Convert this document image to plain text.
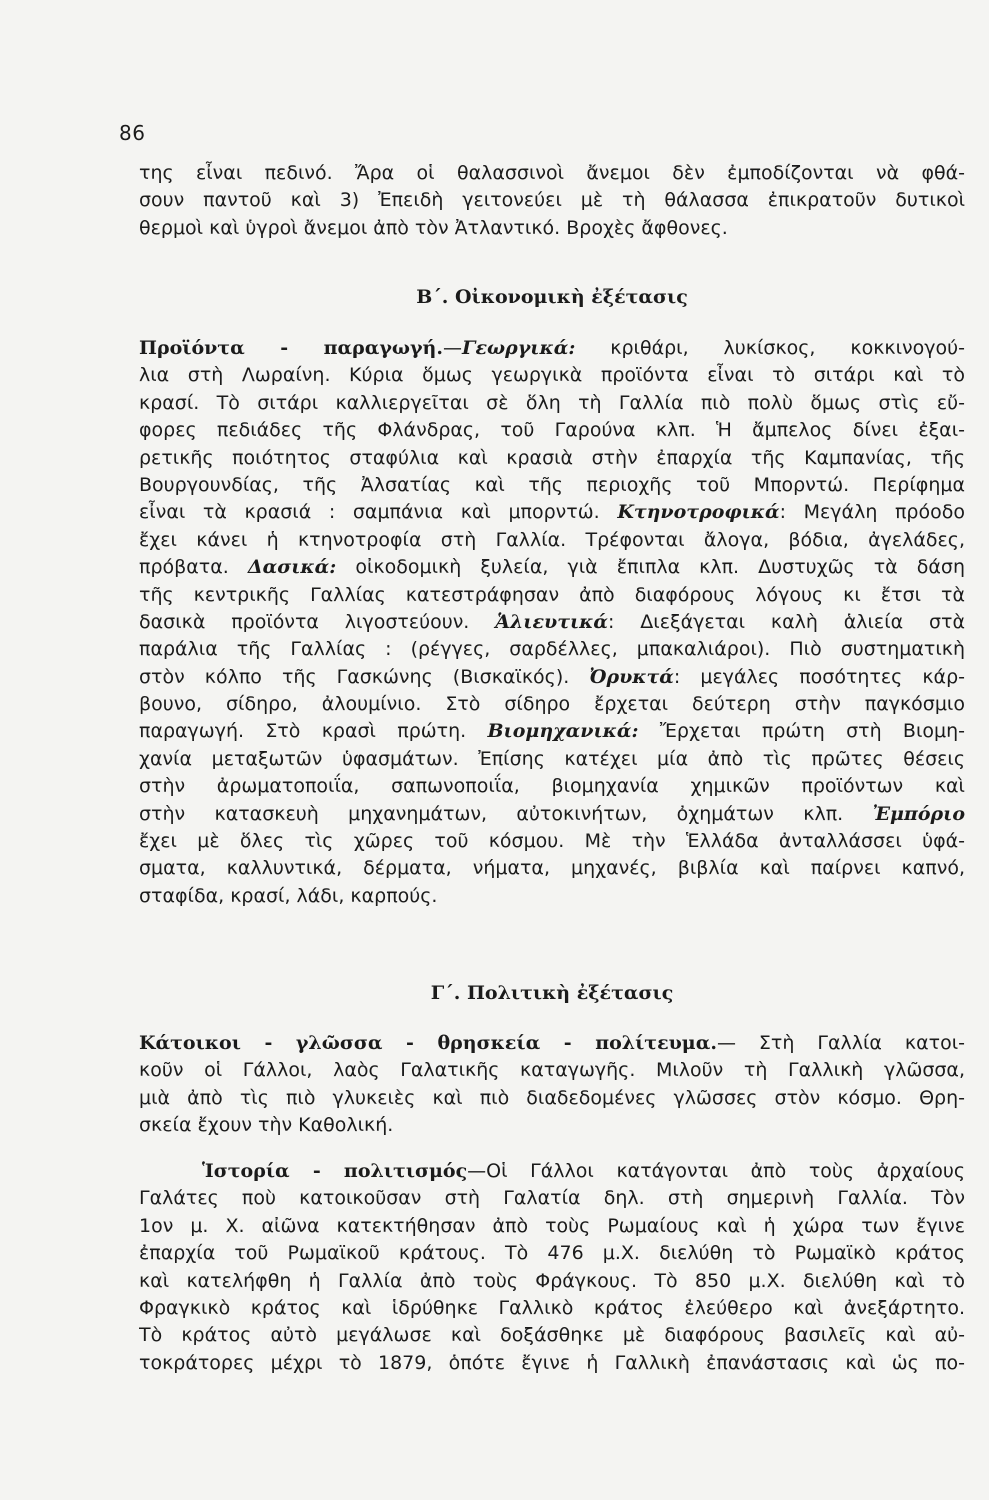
86
της εἶναι πεδινό. Ἄρα οἱ θαλασσινοὶ ἄνεμοι δὲν ἐμποδίζονται νὰ φθά-
σουν παντοῦ καὶ 3) Ἐπειδὴ γειτονεύει μὲ τὴ θάλασσα ἐπικρατοῦν δυτικοὶ
θερμοὶ καὶ ὑγροὶ ἄνεμοι ἀπὸ τὸν Ἀτλαντικό. Βροχὲς ἄφθονες.
Β΄. Οἰκονομικὴ ἐξέτασις
Προϊόντα - παραγωγή.—Γεωργικά: κριθάρι, λυκίσκος, κοκκινογού-
λια στὴ Λωραίνη. Κύρια ὅμως γεωργικὰ προϊόντα εἶναι τὸ σιτάρι καὶ τὸ
κρασί. Τὸ σιτάρι καλλιεργεῖται σὲ ὅλη τὴ Γαλλία πιὸ πολὺ ὅμως στὶς εὔ-
φορες πεδιάδες τῆς Φλάνδρας, τοῦ Γαρούνα κλπ. Ἡ ἄμπελος δίνει ἐξαι-
ρετικῆς ποιότητος σταφύλια καὶ κρασιὰ στὴν ἐπαρχία τῆς Καμπανίας, τῆς
Βουργουνδίας, τῆς Ἀλσατίας καὶ τῆς περιοχῆς τοῦ Μπορντώ. Περίφημα
εἶναι τὰ κρασιά : σαμπάνια καὶ μπορντώ. Κτηνοτροφικά: Μεγάλη πρόοδο
ἔχει κάνει ἡ κτηνοτροφία στὴ Γαλλία. Τρέφονται ἄλογα, βόδια, ἀγελάδες,
πρόβατα. Δασικά: οἰκοδομικὴ ξυλεία, γιὰ ἔπιπλα κλπ. Δυστυχῶς τὰ δάση
τῆς κεντρικῆς Γαλλίας κατεστράφησαν ἀπὸ διαφόρους λόγους κι ἔτσι τὰ
δασικὰ προϊόντα λιγοστεύουν. Ἁλιευτικά: Διεξάγεται καλὴ ἁλιεία στὰ
παράλια τῆς Γαλλίας : (ρέγγες, σαρδέλλες, μπακαλιάροι). Πιὸ συστηματικὴ
στὸν κόλπο τῆς Γασκώνης (Βισκαϊκός). Ὀρυκτά: μεγάλες ποσότητες κάρ-
βουνο, σίδηρο, ἀλουμίνιο. Στὸ σίδηρο ἔρχεται δεύτερη στὴν παγκόσμιο
παραγωγή. Στὸ κρασὶ πρώτη. Βιομηχανικά: Ἔρχεται πρώτη στὴ Βιομη-
χανία μεταξωτῶν ὑφασμάτων. Ἐπίσης κατέχει μία ἀπὸ τὶς πρῶτες θέσεις
στὴν ἀρωματοποιΐα, σαπωνοποιΐα, βιομηχανία χημικῶν προϊόντων καὶ
στὴν κατασκευὴ μηχανημάτων, αὐτοκινήτων, ὀχημάτων κλπ. Ἐμπόριο
ἔχει μὲ ὅλες τὶς χῶρες τοῦ κόσμου. Μὲ τὴν Ἑλλάδα ἀνταλλάσσει ὑφά-
σματα, καλλυντικά, δέρματα, νήματα, μηχανές, βιβλία καὶ παίρνει καπνό,
σταφίδα, κρασί, λάδι, καρπούς.
Γ΄. Πολιτικὴ ἐξέτασις
Κάτοικοι - γλῶσσα - θρησκεία - πολίτευμα.— Στὴ Γαλλία κατοι-
κοῦν οἱ Γάλλοι, λαὸς Γαλατικῆς καταγωγῆς. Μιλοῦν τὴ Γαλλικὴ γλῶσσα,
μιὰ ἀπὸ τὶς πιὸ γλυκειὲς καὶ πιὸ διαδεδομένες γλῶσσες στὸν κόσμο. Θρη-
σκεία ἔχουν τὴν Καθολική.
Ἱστορία - πολιτισμός—Οἱ Γάλλοι κατάγονται ἀπὸ τοὺς ἀρχαίους
Γαλάτες ποὺ κατοικοῦσαν στὴ Γαλατία δηλ. στὴ σημερινὴ Γαλλία. Τὸν
1ον μ. Χ. αἰῶνα κατεκτήθησαν ἀπὸ τοὺς Ρωμαίους καὶ ἡ χώρα των ἔγινε
ἐπαρχία τοῦ Ρωμαϊκοῦ κράτους. Τὸ 476 μ.Χ. διελύθη τὸ Ρωμαϊκὸ κράτος
καὶ κατελήφθη ἡ Γαλλία ἀπὸ τοὺς Φράγκους. Τὸ 850 μ.Χ. διελύθη καὶ τὸ
Φραγκικὸ κράτος καὶ ἱδρύθηκε Γαλλικὸ κράτος ἐλεύθερο καὶ ἀνεξάρτητο.
Τὸ κράτος αὐτὸ μεγάλωσε καὶ δοξάσθηκε μὲ διαφόρους βασιλεῖς καὶ αὐ-
τοκράτορες μέχρι τὸ 1879, ὁπότε ἔγινε ἡ Γαλλικὴ ἐπανάστασις καὶ ὡς πο-
